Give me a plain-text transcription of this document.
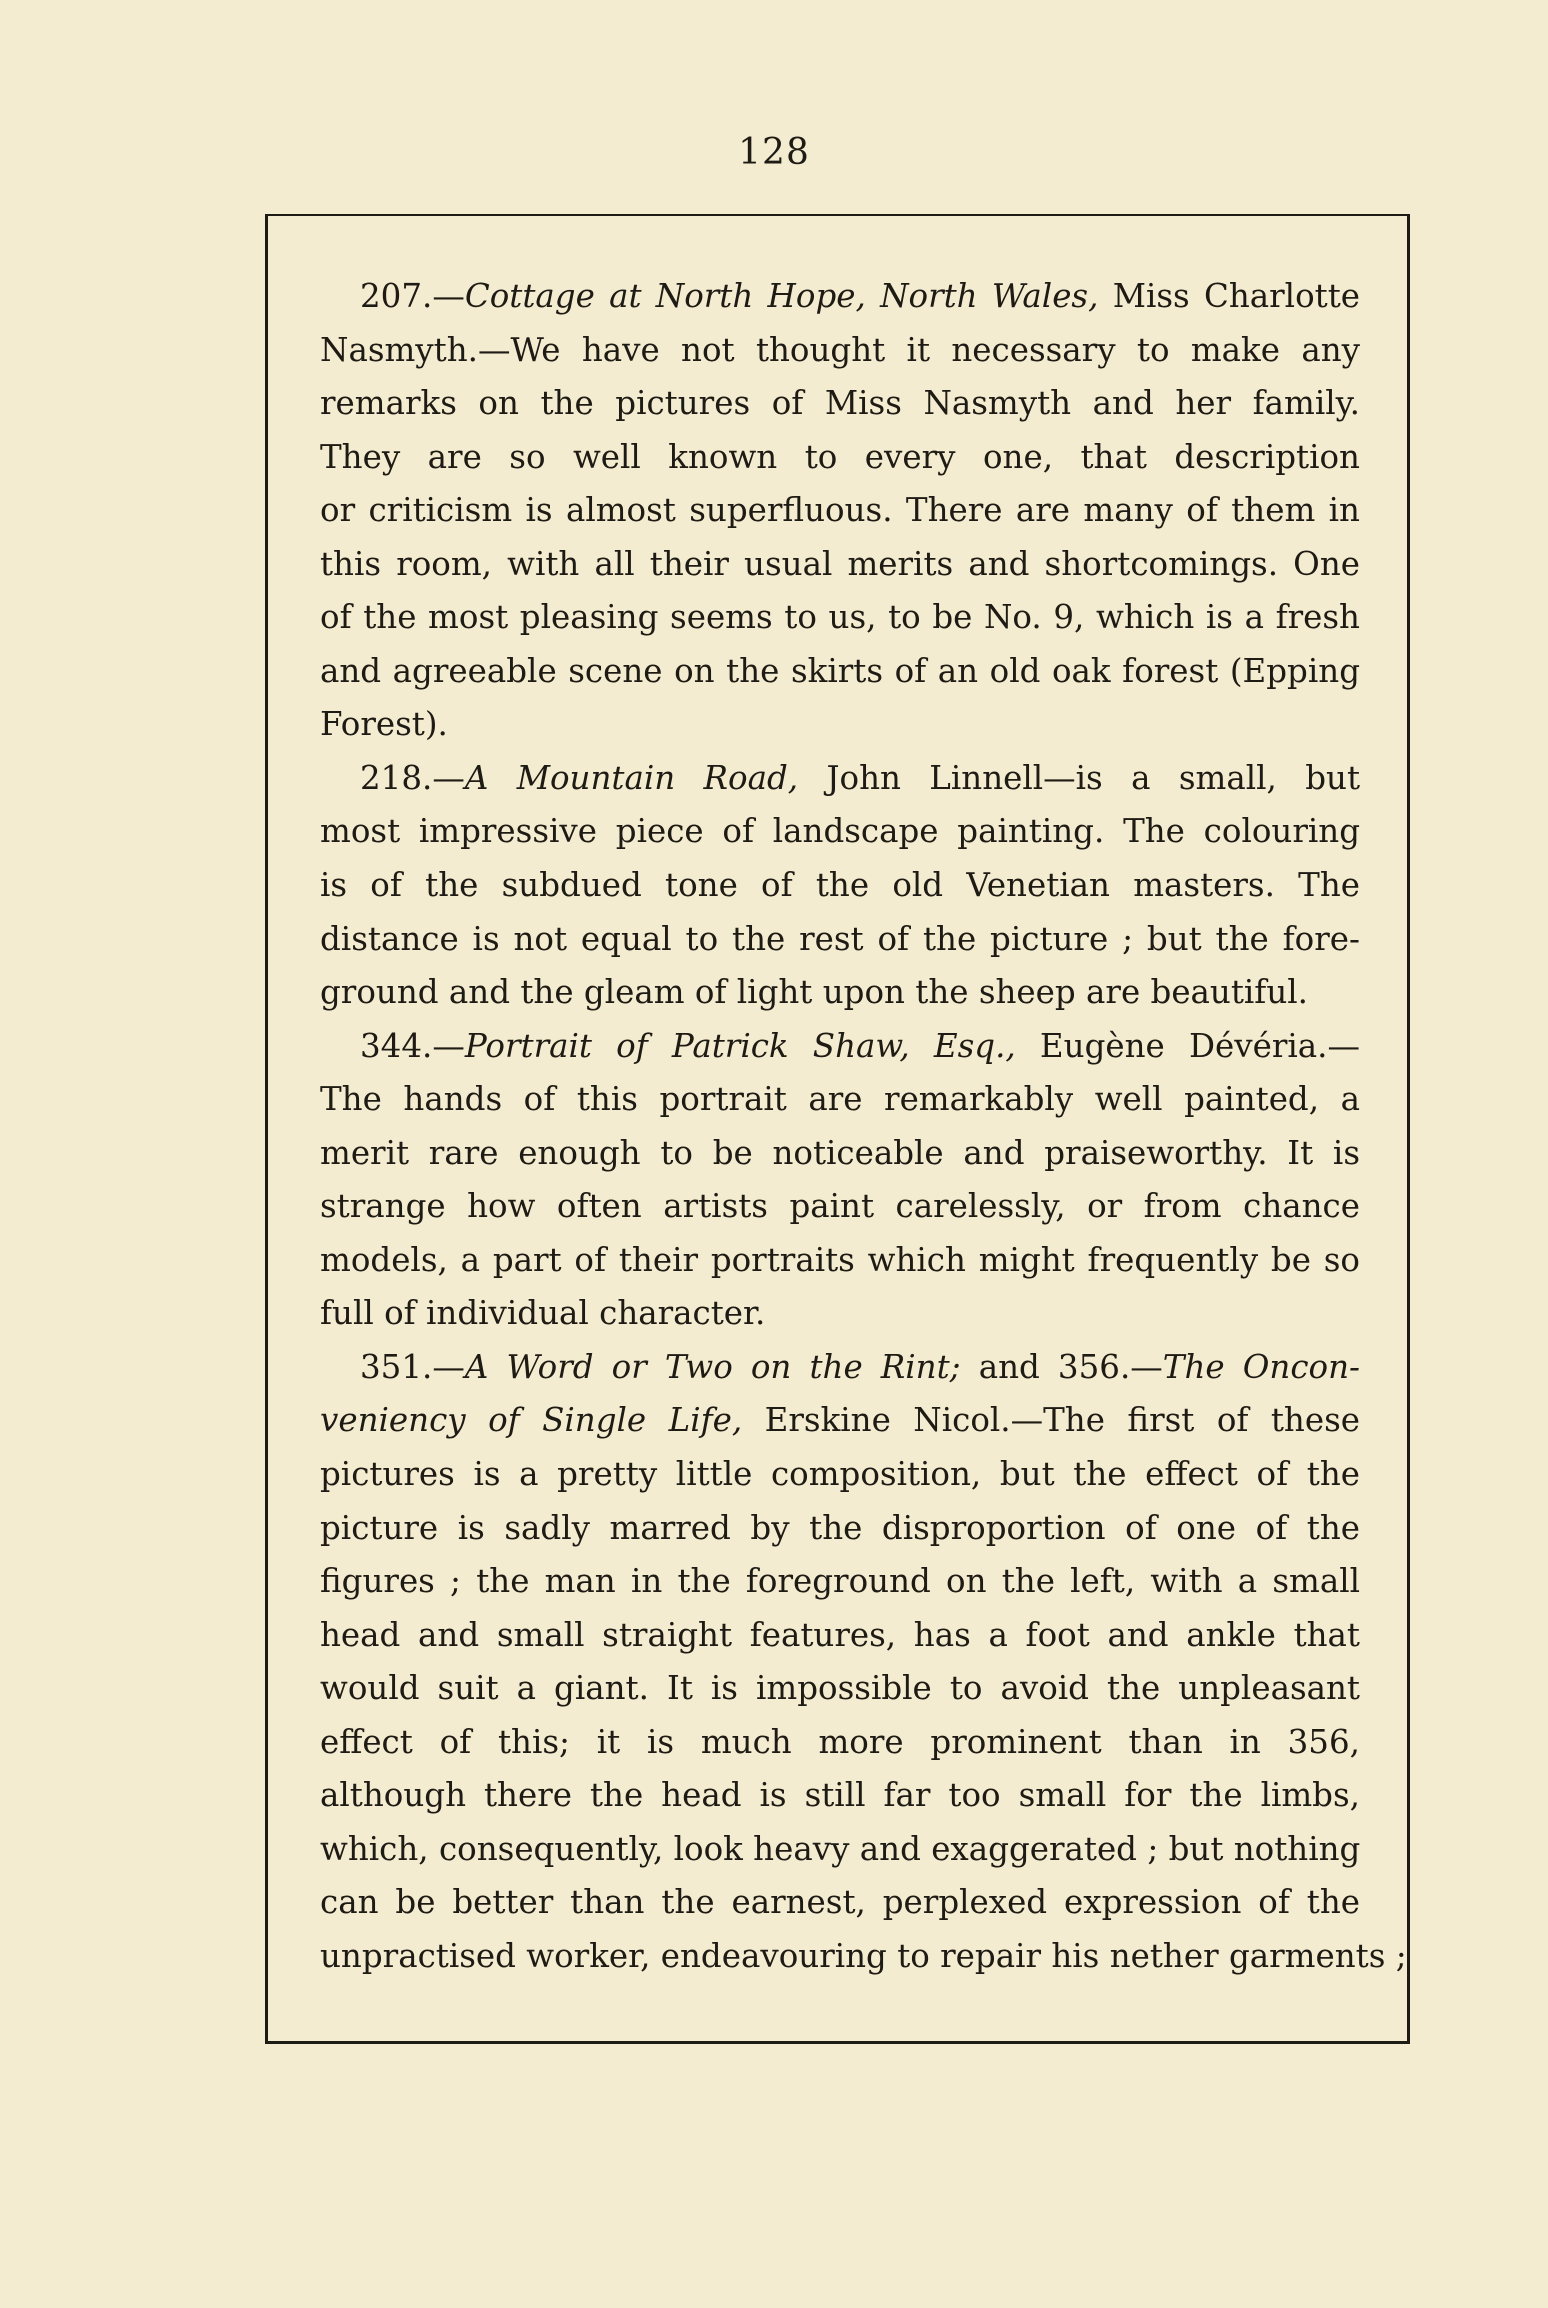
128
207.—Cottage at North Hope, North Wales, Miss Charlotte
Nasmyth.—We have not thought it necessary to make any
remarks on the pictures of Miss Nasmyth and her family.
They are so well known to every one, that description
or criticism is almost superfluous. There are many of them in
this room, with all their usual merits and shortcomings. One
of the most pleasing seems to us, to be No. 9, which is a fresh
and agreeable scene on the skirts of an old oak forest (Epping
Forest).
218.—A Mountain Road, John Linnell—is a small, but
most impressive piece of landscape painting. The colouring
is of the subdued tone of the old Venetian masters. The
distance is not equal to the rest of the picture ; but the fore-
ground and the gleam of light upon the sheep are beautiful.
344.—Portrait of Patrick Shaw, Esq., Eugène Dévéria.—
The hands of this portrait are remarkably well painted, a
merit rare enough to be noticeable and praiseworthy. It is
strange how often artists paint carelessly, or from chance
models, a part of their portraits which might frequently be so
full of individual character.
351.—A Word or Two on the Rint; and 356.—The Oncon-
veniency of Single Life, Erskine Nicol.—The first of these
pictures is a pretty little composition, but the effect of the
picture is sadly marred by the disproportion of one of the
figures ; the man in the foreground on the left, with a small
head and small straight features, has a foot and ankle that
would suit a giant. It is impossible to avoid the unpleasant
effect of this; it is much more prominent than in 356,
although there the head is still far too small for the limbs,
which, consequently, look heavy and exaggerated ; but nothing
can be better than the earnest, perplexed expression of the
unpractised worker, endeavouring to repair his nether garments ;
